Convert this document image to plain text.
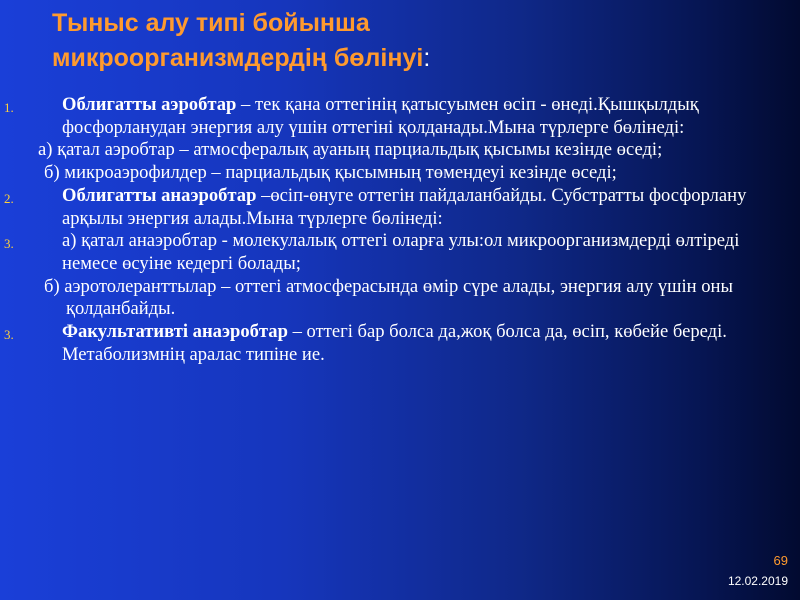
Тыныс алу типі бойынша
микроорганизмдердің бөлінуі:
1.	Облигатты аэробтар – тек қана оттегінің қатысуымен өсіп - өнеді.Қышқылдық фосфорланудан энергия алу үшін оттегіні қолданады.Мына түрлерге бөлінеді:
а) қатал аэробтар – атмосфералық ауаның парциальдық қысымы кезінде өседі;
б) микроаэрофилдер – парциальдық қысымның төмендеуі кезінде өседі;
2.	Облигатты анаэробтар –өсіп-өнуге оттегін пайдаланбайды. Субстратты фосфорлану арқылы энергия алады.Мына түрлерге бөлінеді:
3.	а) қатал анаэробтар - молекулалық оттегі оларға улы:ол микроорганизмдерді өлтіреді немесе өсуіне кедергі болады;
б) аэротолеранттылар – оттегі атмосферасында өмір сүре алады, энергия алу үшін оны қолданбайды.
3.	Факультативті анаэробтар – оттегі бар болса да,жоқ болса да, өсіп, көбейе береді. Метаболизмнің аралас типіне ие.
69
12.02.2019
